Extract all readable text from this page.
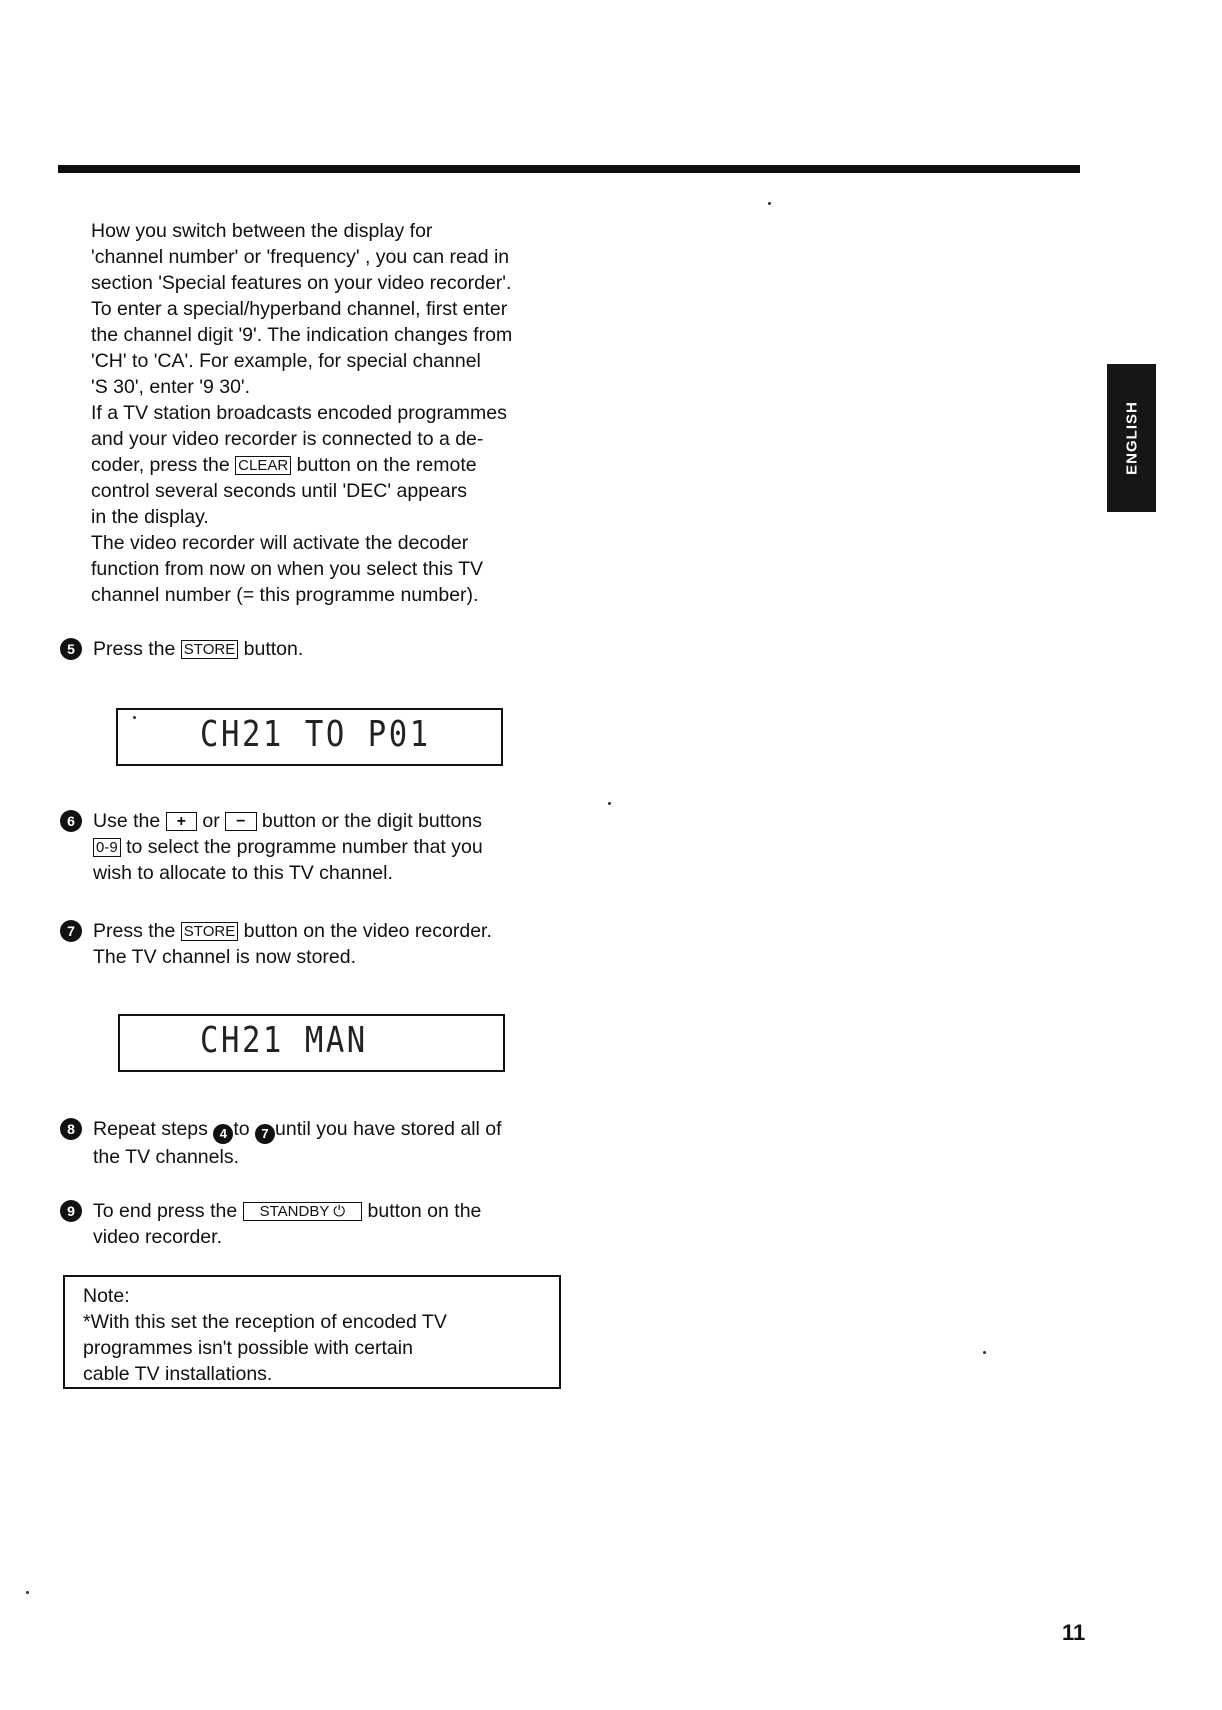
ENGLISH

How you switch between the display for

'channel number' or 'frequency' , you can read in

section 'Special features on your video recorder'.

To enter a special/hyperband channel, first enter

the channel digit '9'. The indication changes from

'CH' to 'CA'. For example, for special channel

'S 30', enter '9 30'.

If a TV station broadcasts encoded programmes

and your video recorder is connected to a de-

coder, press the CLEAR button on the remote

control several seconds until 'DEC' appears

in the display.

The video recorder will activate the decoder

function from now on when you select this TV

channel number (= this programme number).

5 Press the STORE button.
CH21 TO P01
6 Use the + or − button or the digit buttons
0-9 to select the programme number that you
wish to allocate to this TV channel.
7 Press the STORE button on the video recorder.
The TV channel is now stored.
CH21 MAN
8 Repeat steps 4 to 7 until you have stored all of
the TV channels.
9 To end press the STANDBY ⏻ button on the
video recorder.

Note:

*With this set the reception of encoded TV

programmes isn't possible with certain

cable TV installations.

11
